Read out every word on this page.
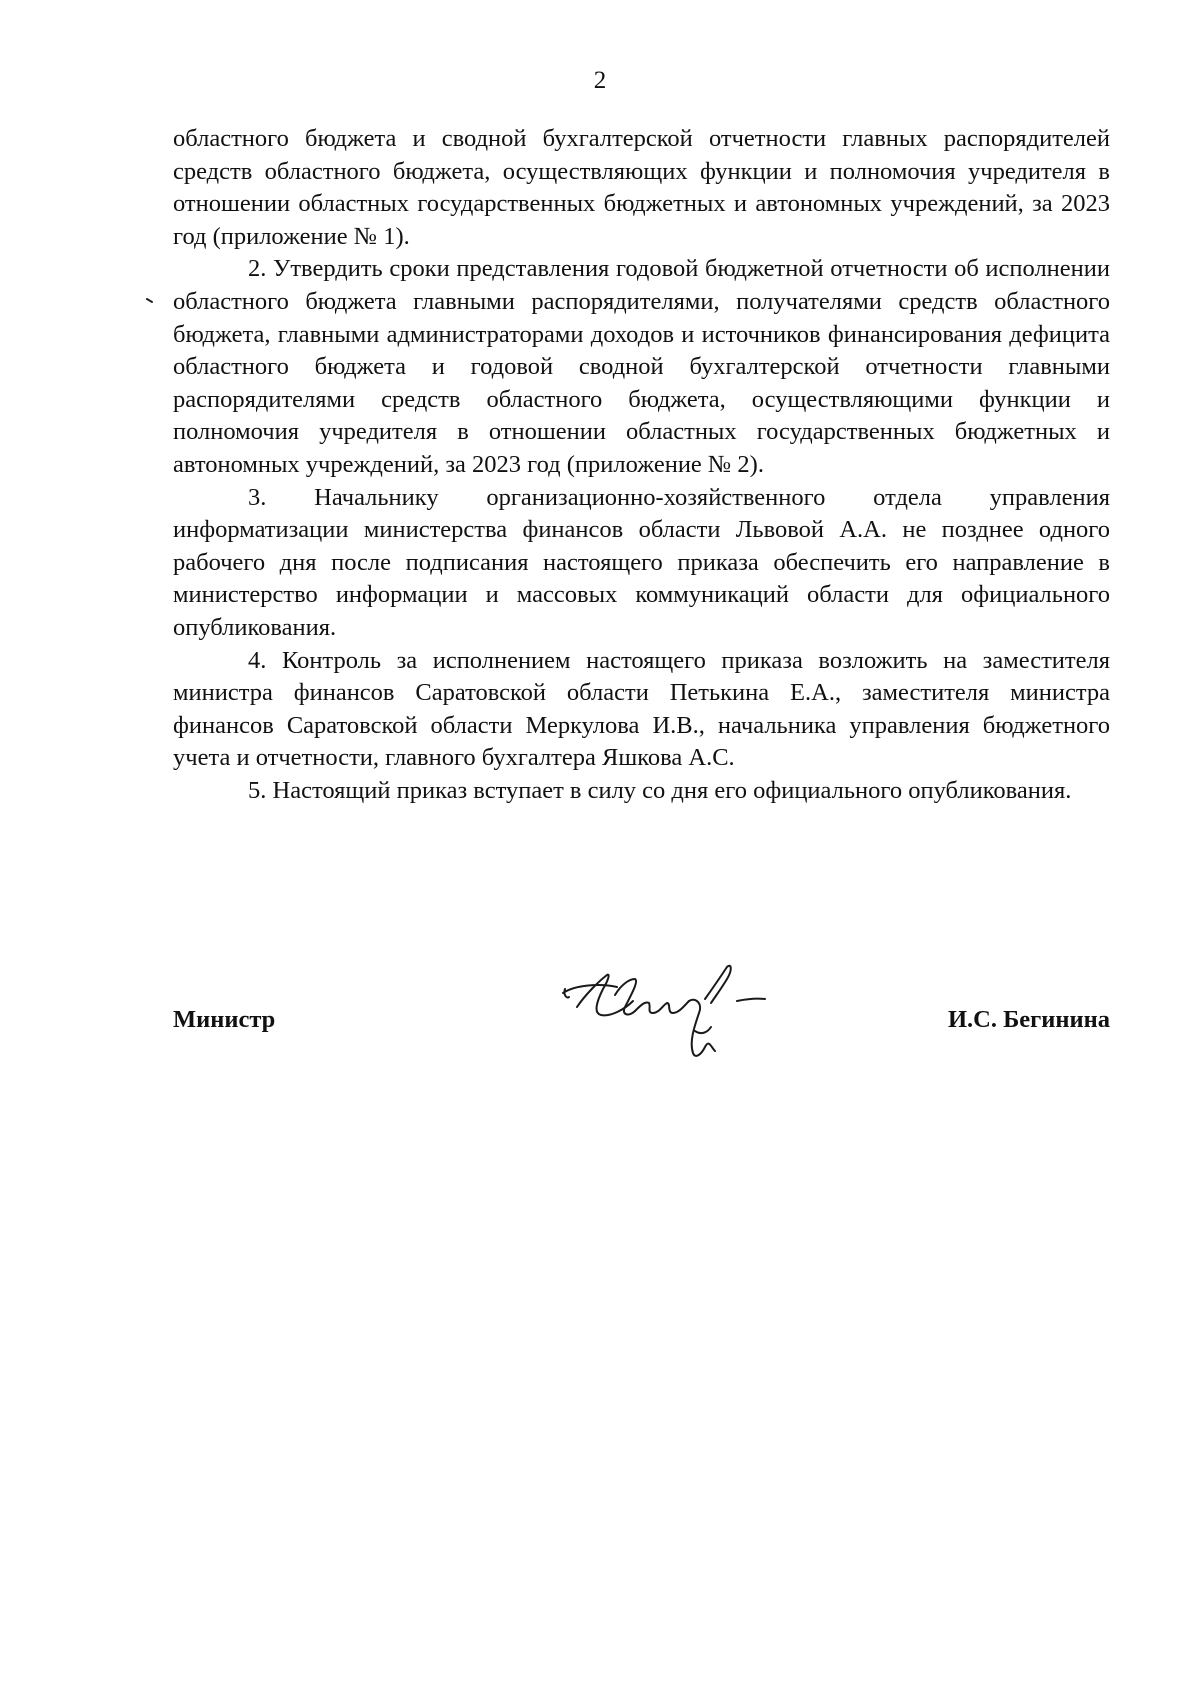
2

областного бюджета и сводной бухгалтерской отчетности главных распорядителей средств областного бюджета, осуществляющих функции и полномочия учредителя в отношении областных государственных бюджетных и автономных учреждений, за 2023 год (приложение № 1).

2. Утвердить сроки представления годовой бюджетной отчетности об исполнении областного бюджета главными распорядителями, получателями средств областного бюджета, главными администраторами доходов и источников финансирования дефицита областного бюджета и годовой сводной бухгалтерской отчетности главными распорядителями средств областного бюджета, осуществляющими функции и полномочия учредителя в отношении областных государственных бюджетных и автономных учреждений, за 2023 год (приложение № 2).

3. Начальнику организационно-хозяйственного отдела управления информатизации министерства финансов области Львовой А.А. не позднее одного рабочего дня после подписания настоящего приказа обеспечить его направление в министерство информации и массовых коммуникаций области для официального опубликования.

4. Контроль за исполнением настоящего приказа возложить на заместителя министра финансов Саратовской области Петькина Е.А., заместителя министра финансов Саратовской области Меркулова И.В., начальника управления бюджетного учета и отчетности, главного бухгалтера Яшкова А.С.

5. Настоящий приказ вступает в силу со дня его официального опубликования.

Министр	И.С. Бегинина
